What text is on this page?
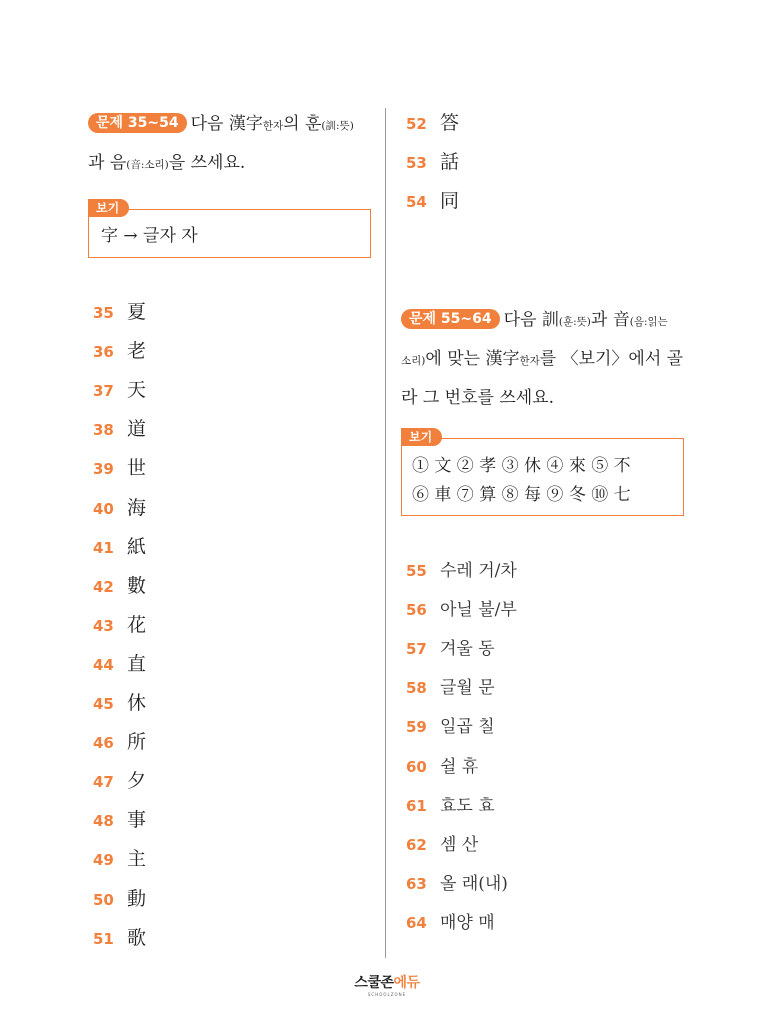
문제 35~54 다음 漢字한자의 훈(訓:뜻)
과 음(音:소리)을 쓰세요.
보기
字 → 글자 자
35 夏
36 老
37 天
38 道
39 世
40 海
41 紙
42 數
43 花
44 直
45 休
46 所
47 夕
48 事
49 主
50 動
51 歌
52 答
53 話
54 同
문제 55~64 다음 訓(훈:뜻)과 音(음:읽는
소리)에 맞는 漢字한자를 〈보기〉에서 골
라 그 번호를 쓰세요.
보기
① 文 ② 孝 ③ 休 ④ 來 ⑤ 不
⑥ 車 ⑦ 算 ⑧ 每 ⑨ 冬 ⑩ 七
55 수레 거/차
56 아닐 불/부
57 겨울 동
58 글월 문
59 일곱 칠
60 쉴 휴
61 효도 효
62 셈 산
63 올 래(내)
64 매양 매
스쿨존에듀
SCHOOLZONE
